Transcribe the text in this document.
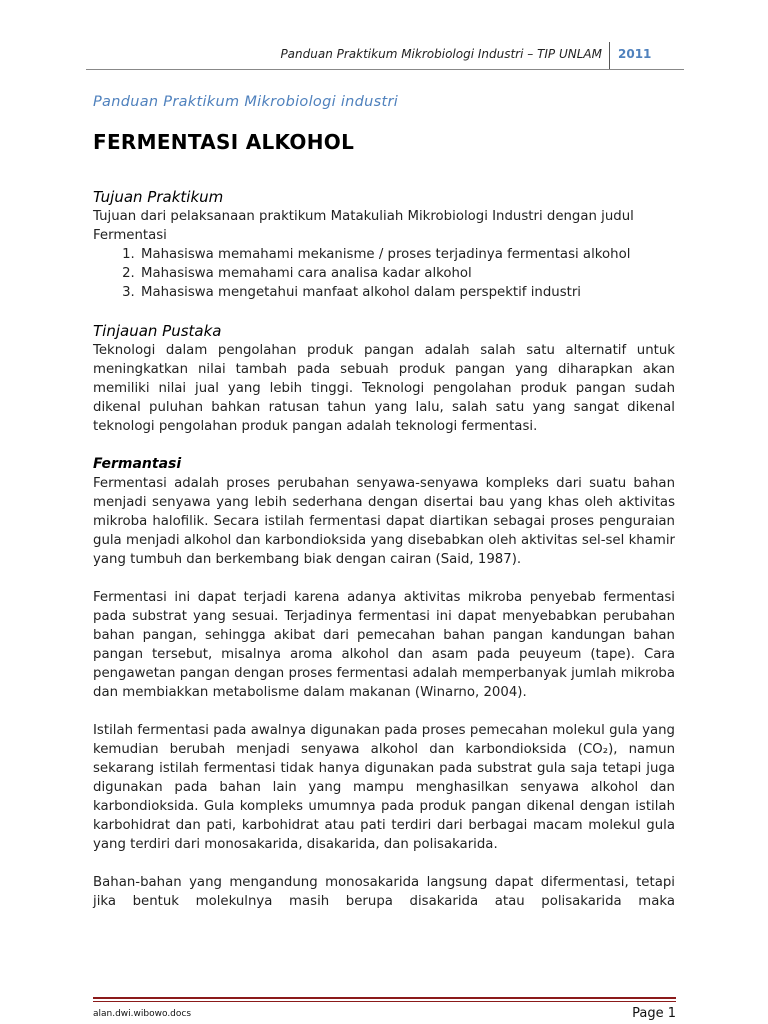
Panduan Praktikum Mikrobiologi Industri – TIP UNLAM 2011
Panduan Praktikum Mikrobiologi industri
FERMENTASI ALKOHOL
Tujuan Praktikum

Tujuan dari pelaksanaan praktikum Matakuliah Mikrobiologi Industri dengan judul Fermentasi

1. Mahasiswa memahami mekanisme / proses terjadinya fermentasi alkohol
2. Mahasiswa memahami cara analisa kadar alkohol
3. Mahasiswa mengetahui manfaat alkohol dalam perspektif industri
Tinjauan Pustaka

Teknologi dalam pengolahan produk pangan adalah salah satu alternatif untuk meningkatkan nilai tambah pada sebuah produk pangan yang diharapkan akan memiliki nilai jual yang lebih tinggi. Teknologi pengolahan produk pangan sudah dikenal puluhan bahkan ratusan tahun yang lalu, salah satu yang sangat dikenal teknologi pengolahan produk pangan adalah teknologi fermentasi.

Fermantasi

Fermentasi adalah proses perubahan senyawa-senyawa kompleks dari suatu bahan menjadi senyawa yang lebih sederhana dengan disertai bau yang khas oleh aktivitas mikroba halofilik. Secara istilah fermentasi dapat diartikan sebagai proses penguraian gula menjadi alkohol dan karbondioksida yang disebabkan oleh aktivitas sel-sel khamir yang tumbuh dan berkembang biak dengan cairan (Said, 1987).

Fermentasi ini dapat terjadi karena adanya aktivitas mikroba penyebab fermentasi pada substrat yang sesuai. Terjadinya fermentasi ini dapat menyebabkan perubahan bahan pangan, sehingga akibat dari pemecahan bahan pangan kandungan bahan pangan tersebut, misalnya aroma alkohol dan asam pada peuyeum (tape). Cara pengawetan pangan dengan proses fermentasi adalah memperbanyak jumlah mikroba dan membiakkan metabolisme dalam makanan (Winarno, 2004).

Istilah fermentasi pada awalnya digunakan pada proses pemecahan molekul gula yang kemudian berubah menjadi senyawa alkohol dan karbondioksida (CO₂), namun sekarang istilah fermentasi tidak hanya digunakan pada substrat gula saja tetapi juga digunakan pada bahan lain yang mampu menghasilkan senyawa alkohol dan karbondioksida. Gula kompleks umumnya pada produk pangan dikenal dengan istilah karbohidrat dan pati, karbohidrat atau pati terdiri dari berbagai macam molekul gula yang terdiri dari monosakarida, disakarida, dan polisakarida.

Bahan-bahan yang mengandung monosakarida langsung dapat difermentasi, tetapi jika bentuk molekulnya masih berupa disakarida atau polisakarida maka

alan.dwi.wibowo.docs	Page 1
